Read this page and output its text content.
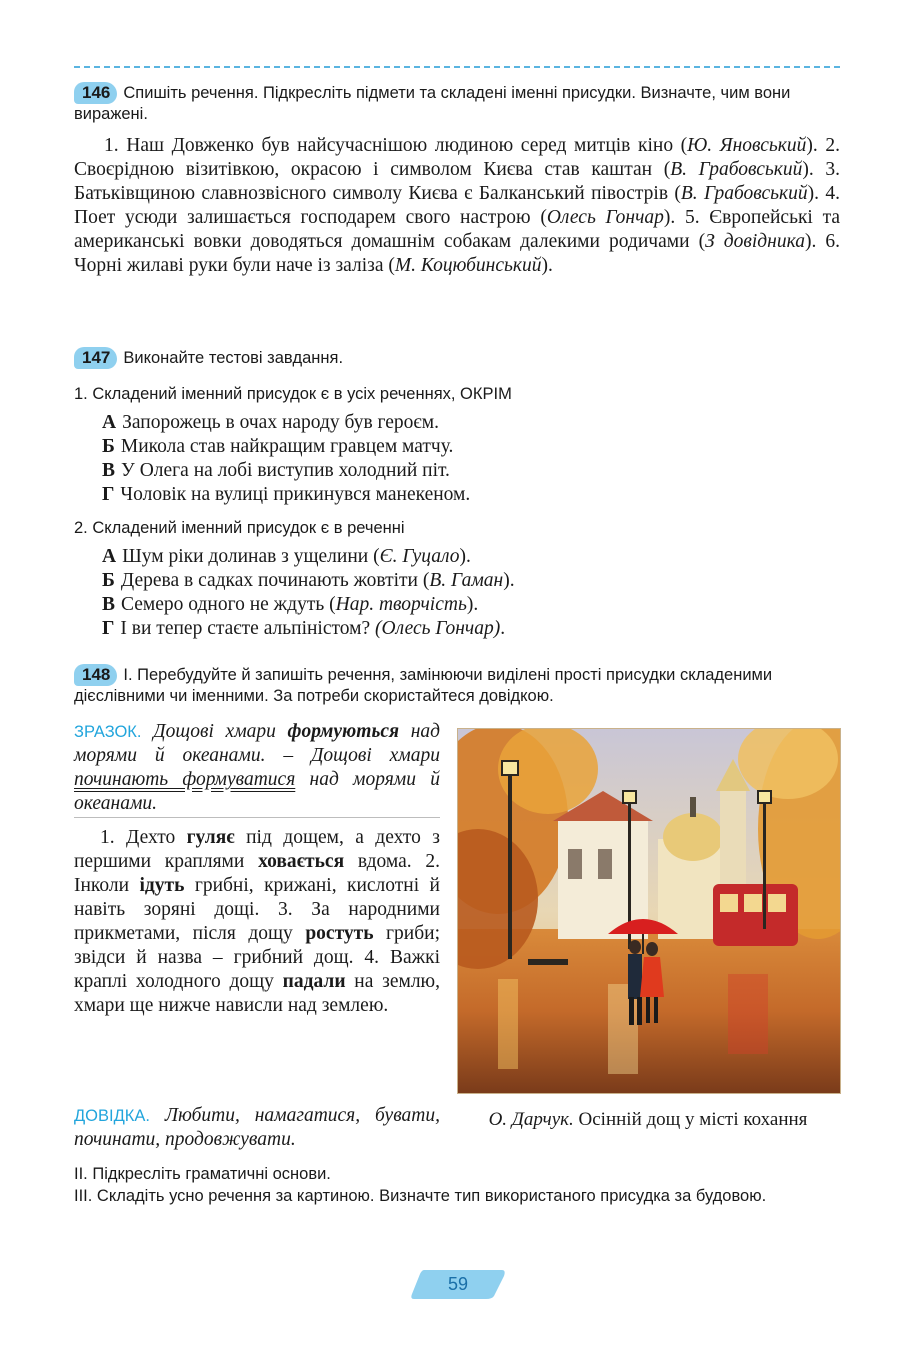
146 Спишіть речення. Підкресліть підмети та складені іменні присудки. Визначте, чим вони виражені.

1. Наш Довженко був найсучаснішою людиною серед митців кіно (Ю. Яновський). 2. Своєрідною візитівкою, окрасою і символом Києва став каштан (В. Грабовський). 3. Батьківщиною славнозвісного символу Києва є Балканський півострів (В. Грабовський). 4. Поет усюди залишається господарем свого настрою (Олесь Гончар). 5. Європейські та американські вовки доводяться домашнім собакам далекими родичами (З довідника). 6. Чорні жилаві руки були наче із заліза (М. Коцюбинський).

147 Виконайте тестові завдання.
1. Складений іменний присудок є в усіх реченнях, ОКРІМ
А Запорожець в очах народу був героєм.
Б Микола став найкращим гравцем матчу.
В У Олега на лобі виступив холодний піт.
Г Чоловік на вулиці прикинувся манекеном.
2. Складений іменний присудок є в реченні
А Шум ріки долинав з ущелини (Є. Гуцало).
Б Дерева в садках починають жовтіти (В. Гаман).
В Семеро одного не ждуть (Нар. творчість).
Г І ви тепер стаєте альпіністом? (Олесь Гончар).
148 І. Перебудуйте й запишіть речення, замінюючи виділені прості присудки складеними дієслівними чи іменними. За потреби скористайтеся довідкою.
ЗРАЗОК. Дощові хмари формуються над морями й океанами. – Дощові хмари починають формуватися над морями й океанами.
1. Дехто гуляє під дощем, а дехто з першими краплями ховається вдома. 2. Інколи ідуть грибні, крижані, кислотні й навіть зоряні дощі. 3. За народними прикметами, після дощу ростуть гриби; звідси й назва – грибний дощ. 4. Важкі краплі холодного дощу падали на землю, хмари ще нижче нависли над землею.
ДОВІДКА. Любити, намагатися, бувати, починати, продовжувати.
О. Дарчук. Осінній дощ у місті кохання
ІІ. Підкресліть граматичні основи.
ІІІ. Складіть усно речення за картиною. Визначте тип використаного присудка за будовою.
59
